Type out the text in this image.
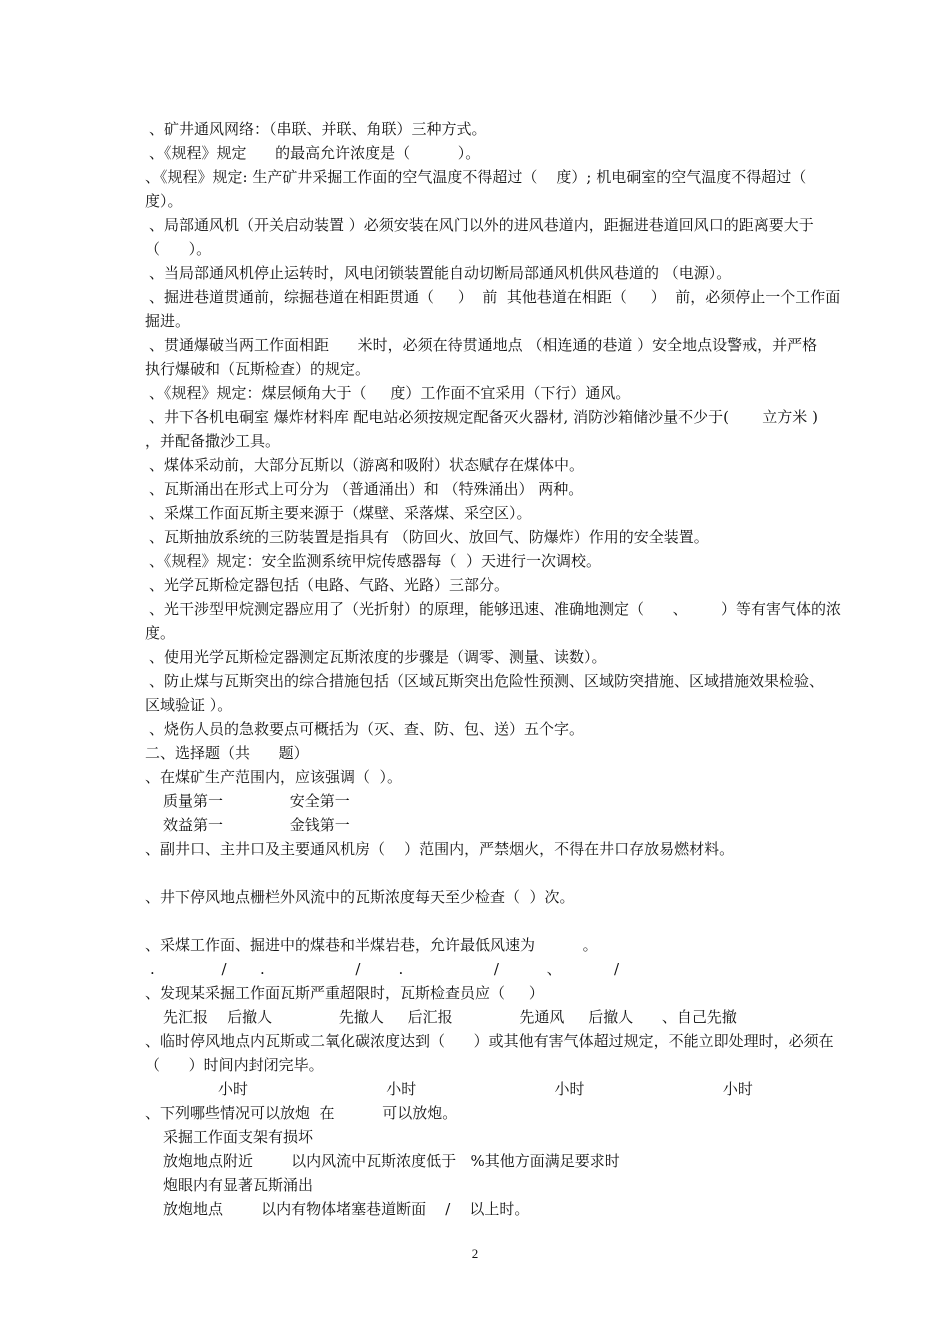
、矿井通风网络：（串联、并联、角联）三种方式。
、《规程》规定      的最高允许浓度是（          ）。
、《规程》规定: 生产矿井采掘工作面的空气温度不得超过（    度）; 机电硐室的空气温度不得超过（
度）。
、局部通风机（开关启动装置 ）必须安装在风门以外的进风巷道内，距掘进巷道回风口的距离要大于
（      ）。
、当局部通风机停止运转时，风电闭锁装置能自动切断局部通风机供风巷道的 （电源）。
、掘进巷道贯通前，综掘巷道在相距贯通（     ）  前  其他巷道在相距（     ）  前，必须停止一个工作面
掘进。
、贯通爆破当两工作面相距      米时，必须在待贯通地点 （相连通的巷道 ）安全地点设警戒，并严格
执行爆破和（瓦斯检查）的规定。
、《规程》规定：煤层倾角大于（     度）工作面不宜采用（下行）通风。
、井下各机电硐室 爆炸材料库 配电站必须按规定配备灭火器材, 消防沙箱储沙量不少于(       立方米 )
，并配备撒沙工具。
、煤体采动前，大部分瓦斯以（游离和吸附）状态赋存在煤体中。
、瓦斯涌出在形式上可分为 （普通涌出）和 （特殊涌出） 两种。
、采煤工作面瓦斯主要来源于（煤壁、采落煤、采空区）。
、瓦斯抽放系统的三防装置是指具有 （防回火、放回气、防爆炸）作用的安全装置。
、《规程》规定：安全监测系统甲烷传感器每（  ）天进行一次调校。
、光学瓦斯检定器包括（电路、气路、光路）三部分。
、光干涉型甲烷测定器应用了（光折射）的原理，能够迅速、准确地测定（      、       ）等有害气体的浓
度。
、使用光学瓦斯检定器测定瓦斯浓度的步骤是（调零、测量、读数）。
、防止煤与瓦斯突出的综合措施包括（区域瓦斯突出危险性预测、区域防突措施、区域措施效果检验、
区域验证 ）。
、烧伤人员的急救要点可概括为（灭、查、防、包、送）五个字。
二、选择题（共      题）
、在煤矿生产范围内，应该强调（  ）。
质量第一              安全第一
效益第一              金钱第一
、副井口、主井口及主要通风机房（    ）范围内，严禁烟火，不得在井口存放易燃材料。
、井下停风地点栅栏外风流中的瓦斯浓度每天至少检查（  ）次。
、采煤工作面、掘进中的煤巷和半煤岩巷，允许最低风速为          。
.              /       .                   /        .                   /          、           /
、发现某采掘工作面瓦斯严重超限时，瓦斯检查员应（     ）
先汇报    后撤人              先撤人     后汇报              先通风     后撤人      、自己先撤
、临时停风地点内瓦斯或二氧化碳浓度达到（      ）或其他有害气体超过规定，不能立即处理时，必须在
（      ）时间内封闭完毕。
小时                             小时                             小时                             小时
、下列哪些情况可以放炮  在          可以放炮。
采掘工作面支架有损坏
放炮地点附近        以内风流中瓦斯浓度低于   %其他方面满足要求时
炮眼内有显著瓦斯涌出
放炮地点        以内有物体堵塞巷道断面    /    以上时。
2
